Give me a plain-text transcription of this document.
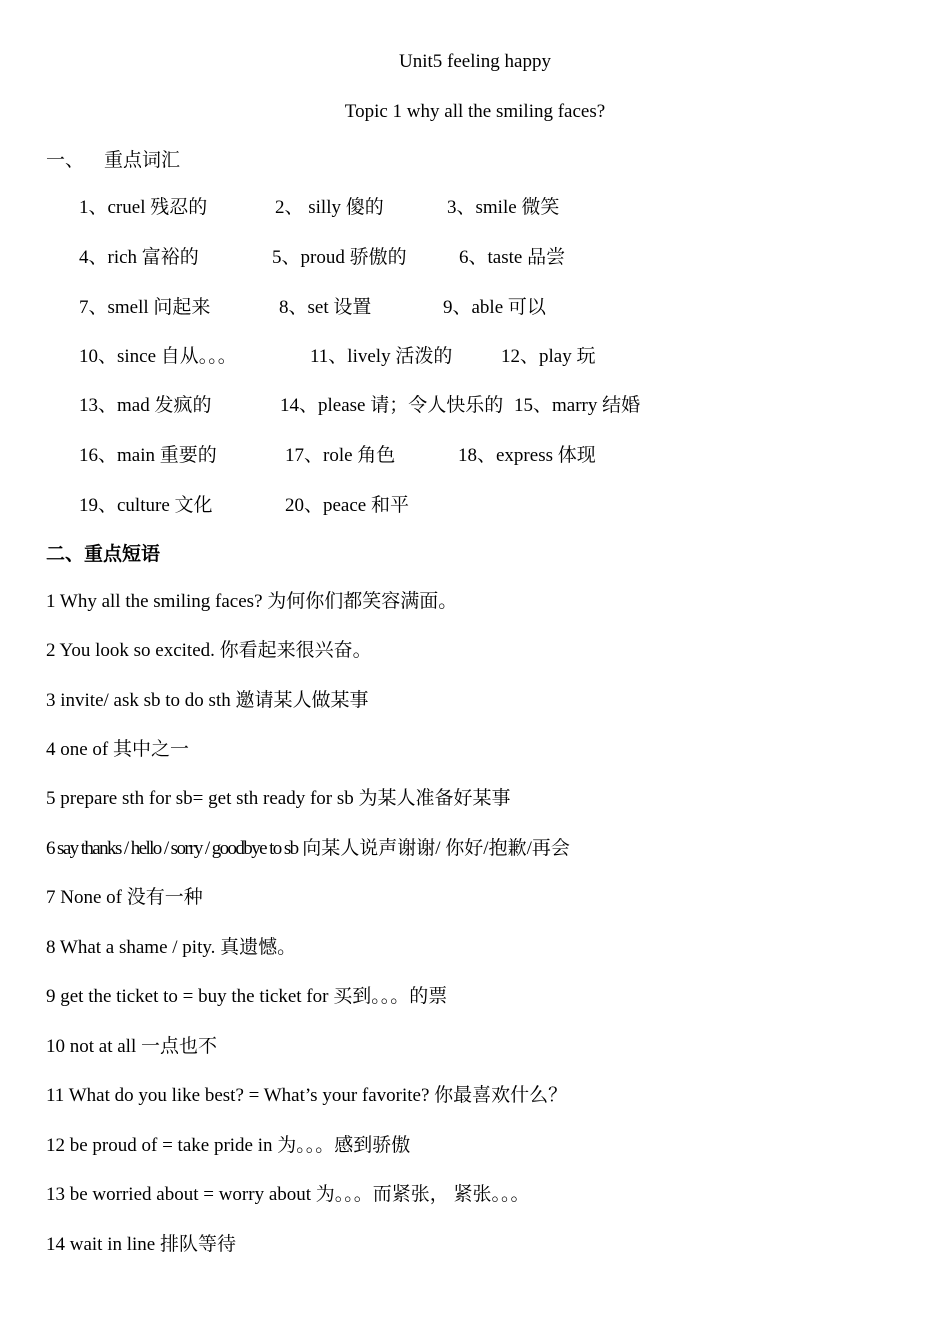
Unit5 feeling happy
Topic 1 why all the smiling faces?
一、 重点词汇
1、cruel 残忍的	2、 silly 傻的	3、smile 微笑
4、rich 富裕的	5、proud 骄傲的	6、taste 品尝
7、smell 问起来	8、set 设置	9、able 可以
10、since 自从。。。	11、lively 活泼的	12、play 玩
13、mad 发疯的	14、please 请；令人快乐的 15、marry 结婚
16、main 重要的	17、role 角色	18、express 体现
19、culture 文化	20、peace 和平
二、重点短语
1 Why all the smiling faces? 为何你们都笑容满面。
2 You look so excited. 你看起来很兴奋。
3 invite/ ask sb to do sth 邀请某人做某事
4 one of 其中之一
5 prepare sth for sb= get sth ready for sb 为某人准备好某事
6 say thanks / hello / sorry / goodbye to sb 向某人说声谢谢/ 你好/抱歉/再会
7 None of 没有一种
8 What a shame / pity. 真遗憾。
9 get the ticket to = buy the ticket for 买到。。。的票
10 not at all 一点也不
11 What do you like best? = What’s your favorite? 你最喜欢什么？
12 be proud of = take pride in 为。。。感到骄傲
13 be worried about = worry about 为。。。而紧张， 紧张。。。
14 wait in line 排队等待
